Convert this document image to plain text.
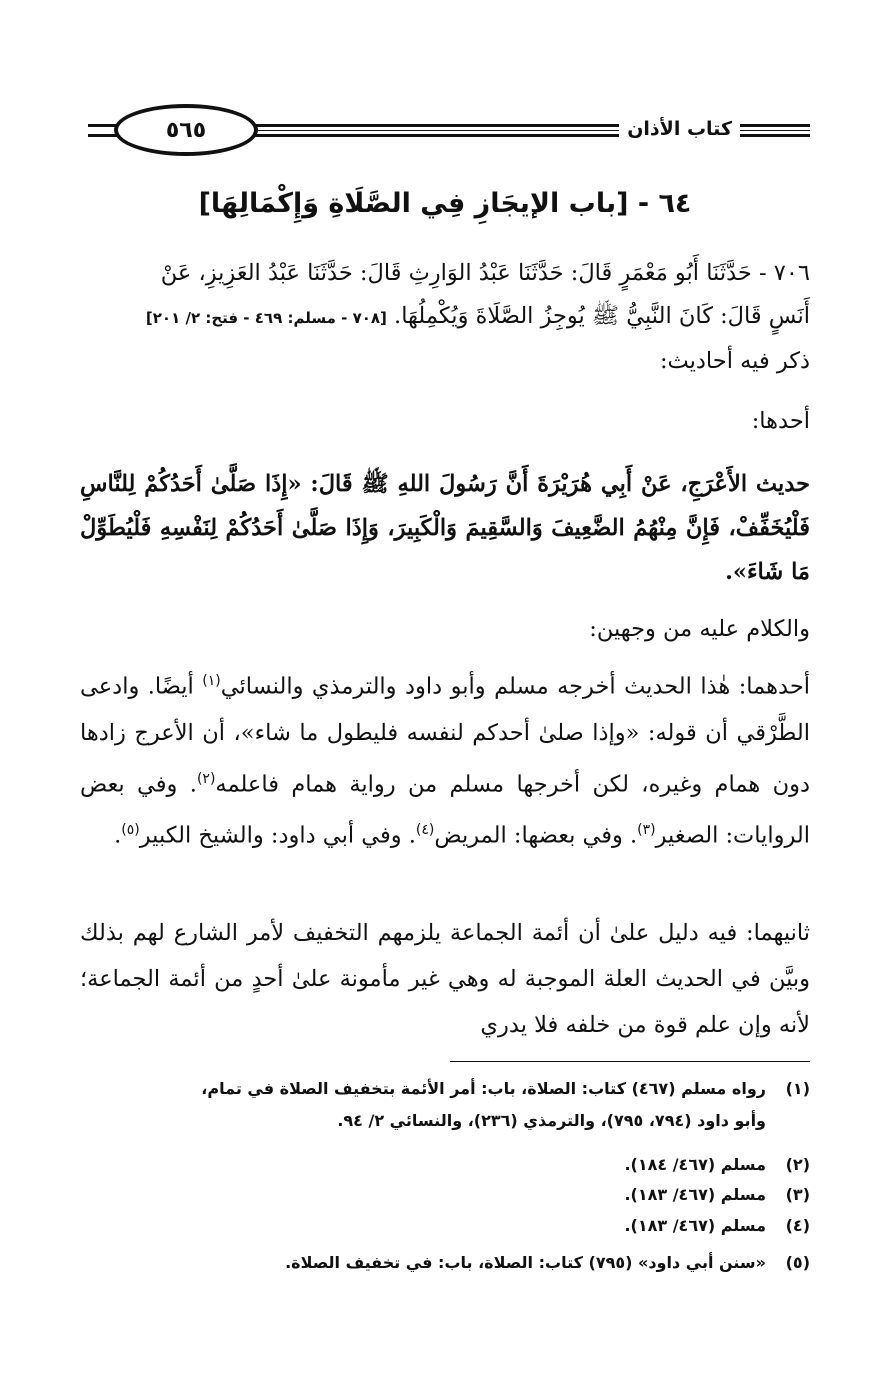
٥٦٥	كتاب الأذان
٦٤ - [باب الإيجَازِ فِي الصَّلَاةِ وَإِكْمَالِهَا]
٧٠٦ - حَدَّثَنَا أَبُو مَعْمَرٍ قَالَ: حَدَّثَنَا عَبْدُ الوَارِثِ قَالَ: حَدَّثَنَا عَبْدُ العَزِيزِ، عَنْ
أَنَسٍ قَالَ: كَانَ النَّبِيُّ ﷺ يُوجِزُ الصَّلَاةَ وَيُكْمِلُهَا. [٧٠٨ - مسلم: ٤٦٩ - فتح: ٢/ ٢٠١]
ذكر فيه أحاديث:
أحدها:
حديث الأَعْرَجِ، عَنْ أَبِي هُرَيْرَةَ أَنَّ رَسُولَ اللهِ ﷺ قَالَ: «إِذَا صَلَّىٰ أَحَدُكُمْ لِلنَّاسِ فَلْيُخَفِّفْ، فَإِنَّ مِنْهُمُ الضَّعِيفَ وَالسَّقِيمَ وَالْكَبِيرَ، وَإِذَا صَلَّىٰ أَحَدُكُمْ لِنَفْسِهِ فَلْيُطَوِّلْ مَا شَاءَ».
والكلام عليه من وجهين:
أحدهما: هٰذا الحديث أخرجه مسلم وأبو داود والترمذي والنسائي$^{(١)}$ أيضًا. وادعى الطَّرْقي أن قوله: «وإذا صلىٰ أحدكم لنفسه فليطول ما شاء»، أن الأعرج زادها دون همام وغيره، لكن أخرجها مسلم من رواية همام فاعلمه$^{(٢)}$. وفي بعض الروايات: الصغير$^{(٣)}$. وفي بعضها: المريض$^{(٤)}$. وفي أبي داود: والشيخ الكبير$^{(٥)}$.
ثانيهما: فيه دليل علىٰ أن أئمة الجماعة يلزمهم التخفيف لأمر الشارع لهم بذلك وبيَّن في الحديث العلة الموجبة له وهي غير مأمونة علىٰ أحدٍ من أئمة الجماعة؛ لأنه وإن علم قوة من خلفه فلا يدري
(١)رواه مسلم (٤٦٧) كتاب: الصلاة، باب: أمر الأئمة بتخفيف الصلاة في تمام،
وأبو داود (٧٩٤، ٧٩٥)، والترمذي (٢٣٦)، والنسائي ٢/ ٩٤.
(٢)مسلم (٤٦٧/ ١٨٤).
(٣)مسلم (٤٦٧/ ١٨٣).
(٤)مسلم (٤٦٧/ ١٨٣).
(٥)«سنن أبي داود» (٧٩٥) كتاب: الصلاة، باب: في تخفيف الصلاة.
